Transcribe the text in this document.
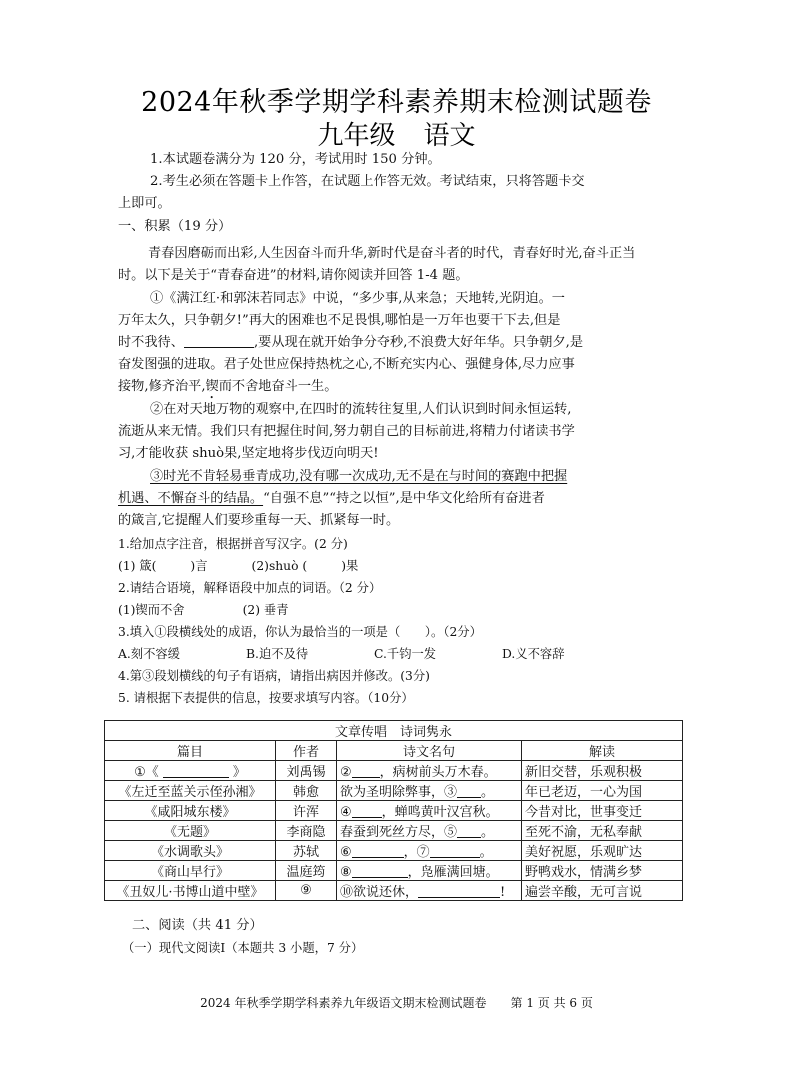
2024年秋季学期学科素养期末检测试题卷
九年级 语文
1.本试题卷满分为 120 分，考试用时 150 分钟。
2.考生必须在答题卡上作答，在试题上作答无效。考试结束，只将答题卡交
上即可。
一、积累（19 分）
青春因磨砺而出彩,人生因奋斗而升华,新时代是奋斗者的时代，青春好时光,奋斗正当
时。以下是关于“青春奋进”的材料,请你阅读并回答 1-4 题。
①《满江红·和郭沫若同志》中说，“多少事,从来急；天地转,光阴迫。一
万年太久，只争朝夕!”再大的困难也不足畏惧,哪怕是一万年也要干下去,但是
时不我待、	,要从现在就开始争分夺秒,不浪费大好年华。只争朝夕,是
奋发图强的进取。君子处世应保持热枕之心,不断充实内心、强健身体,尽力应事
接物,修齐治平,锲而不舍地奋斗一生。
②在对天地万物的观察中,在四时的流转往复里,人们认识到时间永恒运转,
流逝从来无情。我们只有把握住时间,努力朝自己的目标前进,将精力付诸读书学
习,才能收获 shuò果,坚定地将步伐迈向明天!
③时光不肯轻易垂青成功,没有哪一次成功,无不是在与时间的赛跑中把握
机遇、不懈奋斗的结晶。“自强不息”“持之以恒”,是中华文化给所有奋进者
的箴言,它提醒人们要珍重每一天、抓紧每一时。
1.给加点字注音，根据拼音写汉字。(2 分)
(1) 箴(	)言	(2)shuò (	)果
2.请结合语境，解释语段中加点的词语。（2 分）
(1)锲而不舍	(2) 垂青
3.填入①段横线处的成语，你认为最恰当的一项是（　　）。（2分）
A.刻不容缓	B.迫不及待	C.千钧一发	D.义不容辞
4.第③段划横线的句子有语病，请指出病因并修改。(3分)
5. 请根据下表提供的信息，按要求填写内容。（10分）
文章传唱　诗词隽永			
篇目	作者	诗文名句	解读
①《 》	刘禹锡	② ，病树前头万木春。	新旧交替，乐观积极
《左迁至蓝关示侄孙湘》	韩愈	欲为圣明除弊事，③ 。	年已老迈，一心为国
《咸阳城东楼》	许浑	④ ，蝉鸣黄叶汉宫秋。	今昔对比，世事变迁
《无题》	李商隐	春蚕到死丝方尽，⑤ 。	至死不渝，无私奉献
《水调歌头》	苏轼	⑥ ，⑦ 。	美好祝愿，乐观旷达
《商山早行》	温庭筠	⑧ ，凫雁满回塘。	野鸭戏水，情满乡梦
《丑奴儿·书博山道中壁》	⑨	⑩欲说还休， !	遍尝辛酸，无可言说
二、阅读（共 41 分）
（一）现代文阅读Ⅰ（本题共 3 小题，7 分）
2024 年秋季学期学科素养九年级语文期末检测试题卷 第 1 页 共 6 页
